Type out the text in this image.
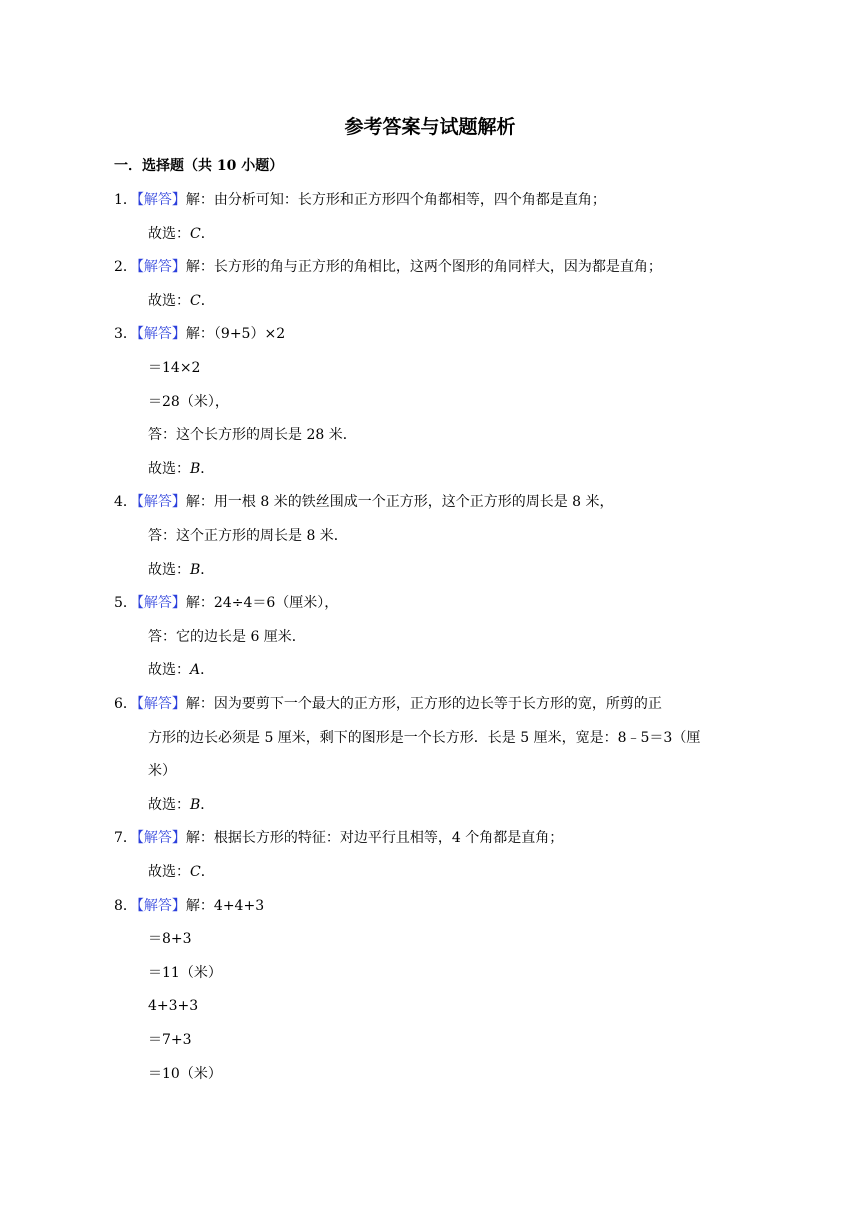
参考答案与试题解析
一．选择题（共 10 小题）
1．【解答】解：由分析可知：长方形和正方形四个角都相等，四个角都是直角；
故选：C．
2．【解答】解：长方形的角与正方形的角相比，这两个图形的角同样大，因为都是直角；
故选：C．
3．【解答】解：（9+5）×2
＝14×2
＝28（米），
答：这个长方形的周长是 28 米．
故选：B．
4．【解答】解：用一根 8 米的铁丝围成一个正方形，这个正方形的周长是 8 米，
答：这个正方形的周长是 8 米．
故选：B．
5．【解答】解：24÷4＝6（厘米），
答：它的边长是 6 厘米．
故选：A．
6．【解答】解：因为要剪下一个最大的正方形，正方形的边长等于长方形的宽，所剪的正
方形的边长必须是 5 厘米，剩下的图形是一个长方形．长是 5 厘米，宽是：8﹣5＝3（厘
米）
故选：B．
7．【解答】解：根据长方形的特征：对边平行且相等，4 个角都是直角；
故选：C．
8．【解答】解：4+4+3
＝8+3
＝11（米）
4+3+3
＝7+3
＝10（米）
